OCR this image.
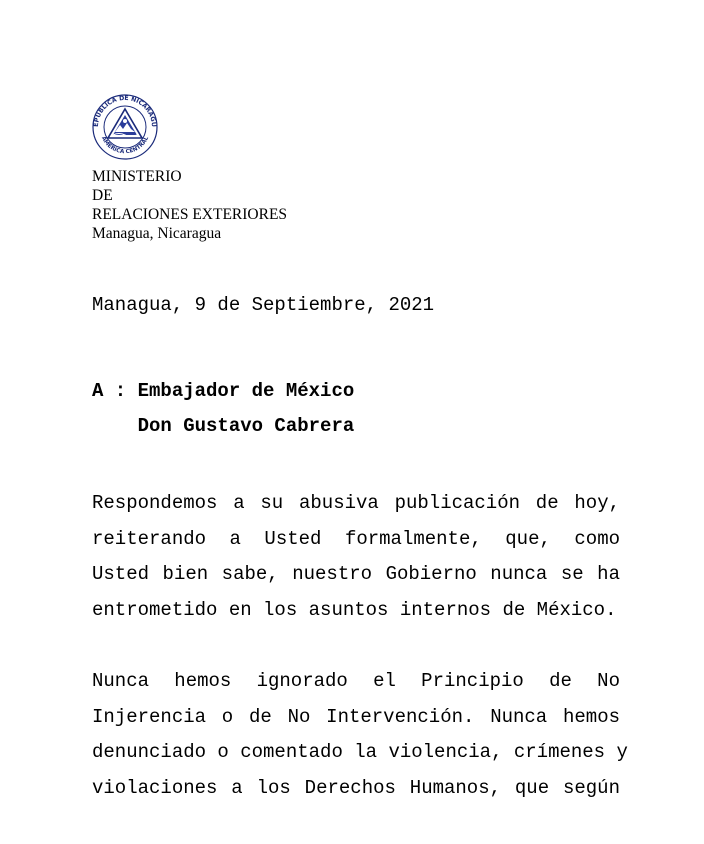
EPUBLICA DE NICARAGU
AMERICA CENTRAL
MINISTERIO
DE
RELACIONES EXTERIORES
Managua, Nicaragua
Managua, 9 de Septiembre, 2021
A : Embajador de México
Don Gustavo Cabrera
Respondemos a su abusiva publicación de hoy,
reiterando a Usted formalmente, que, como
Usted bien sabe, nuestro Gobierno nunca se ha
entrometido en los asuntos internos de México.
Nunca hemos ignorado el Principio de No
Injerencia o de No Intervención. Nunca hemos
denunciado o comentado la violencia, crímenes y
violaciones a los Derechos Humanos, que según
